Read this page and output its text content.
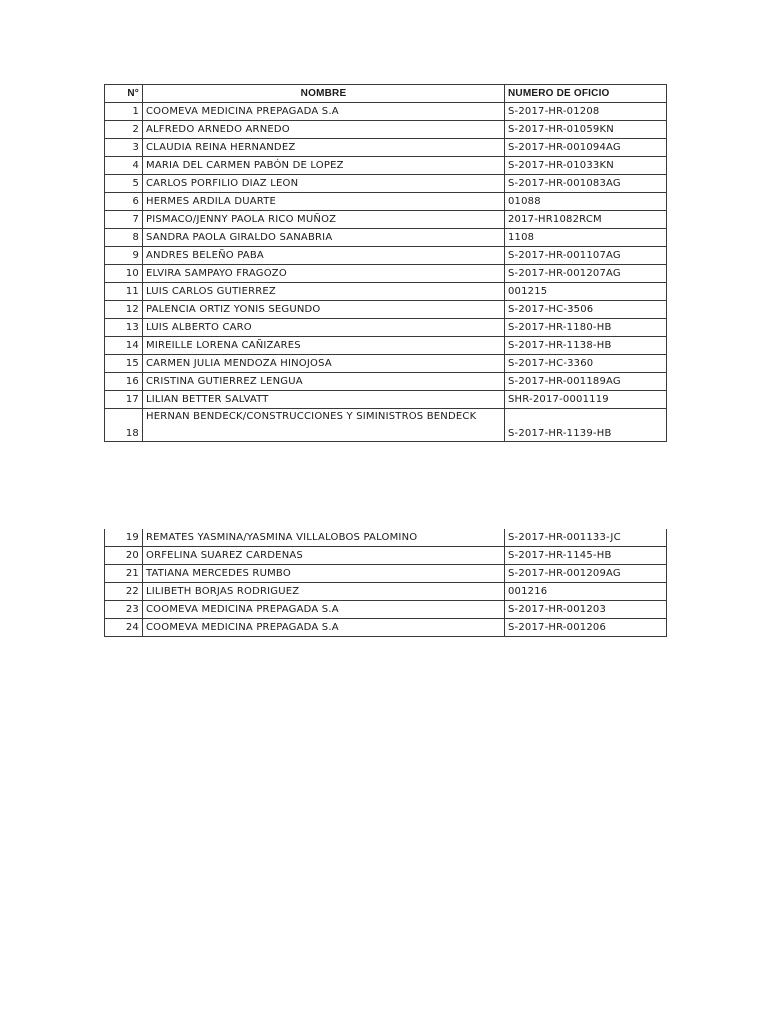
N°	NOMBRE	NUMERO DE OFICIO
1	COOMEVA MEDICINA PREPAGADA S.A	S-2017-HR-01208
2	ALFREDO ARNEDO ARNEDO	S-2017-HR-01059KN
3	CLAUDIA REINA HERNANDEZ	S-2017-HR-001094AG
4	MARIA DEL CARMEN PABÓN DE LOPEZ	S-2017-HR-01033KN
5	CARLOS PORFILIO DIAZ LEON	S-2017-HR-001083AG
6	HERMES ARDILA DUARTE	01088
7	PISMACO/JENNY PAOLA RICO MUÑOZ	2017-HR1082RCM
8	SANDRA PAOLA GIRALDO SANABRIA	1108
9	ANDRES BELEÑO PABA	S-2017-HR-001107AG
10	ELVIRA SAMPAYO FRAGOZO	S-2017-HR-001207AG
11	LUIS CARLOS GUTIERREZ	001215
12	PALENCIA ORTIZ YONIS SEGUNDO	S-2017-HC-3506
13	LUIS ALBERTO CARO	S-2017-HR-1180-HB
14	MIREILLE LORENA CAÑIZARES	S-2017-HR-1138-HB
15	CARMEN JULIA MENDOZA HINOJOSA	S-2017-HC-3360
16	CRISTINA GUTIERREZ LENGUA	S-2017-HR-001189AG
17	LILIAN BETTER SALVATT	SHR-2017-0001119
18	HERNAN BENDECK/CONSTRUCCIONES Y SIMINISTROS BENDECK	S-2017-HR-1139-HB
19	REMATES YASMINA/YASMINA VILLALOBOS PALOMINO	S-2017-HR-001133-JC
20	ORFELINA SUAREZ CARDENAS	S-2017-HR-1145-HB
21	TATIANA MERCEDES RUMBO	S-2017-HR-001209AG
22	LILIBETH BORJAS RODRIGUEZ	001216
23	COOMEVA MEDICINA PREPAGADA S.A	S-2017-HR-001203
24	COOMEVA MEDICINA PREPAGADA S.A	S-2017-HR-001206
